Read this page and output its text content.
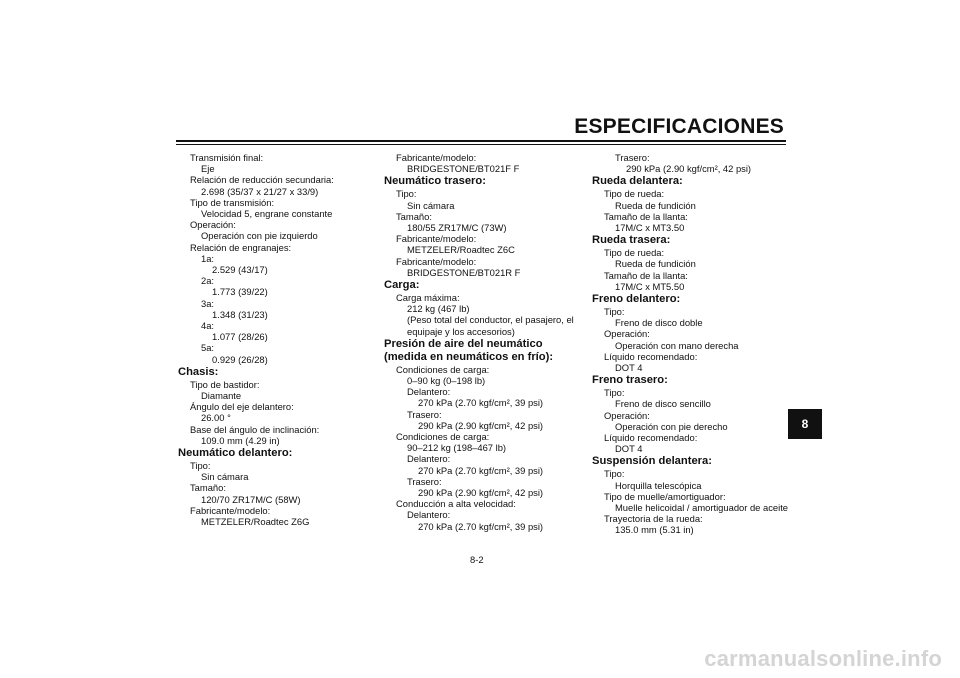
ESPECIFICACIONES
Transmisión final:
Eje
Relación de reducción secundaria:
2.698 (35/37 x 21/27 x 33/9)
Tipo de transmisión:
Velocidad 5, engrane constante
Operación:
Operación con pie izquierdo
Relación de engranajes:
1a:
2.529 (43/17)
2a:
1.773 (39/22)
3a:
1.348 (31/23)
4a:
1.077 (28/26)
5a:
0.929 (26/28)
Chasis:
Tipo de bastidor:
Diamante
Ángulo del eje delantero:
26.00 °
Base del ángulo de inclinación:
109.0 mm (4.29 in)
Neumático delantero:
Tipo:
Sin cámara
Tamaño:
120/70 ZR17M/C (58W)
Fabricante/modelo:
METZELER/Roadtec Z6G
Fabricante/modelo:
BRIDGESTONE/BT021F F
Neumático trasero:
Tipo:
Sin cámara
Tamaño:
180/55 ZR17M/C (73W)
Fabricante/modelo:
METZELER/Roadtec Z6C
Fabricante/modelo:
BRIDGESTONE/BT021R F
Carga:
Carga máxima:
212 kg (467 lb)
(Peso total del conductor, el pasajero, el equipaje y los accesorios)
Presión de aire del neumático (medida en neumáticos en frío):
Condiciones de carga:
0–90 kg (0–198 lb)
Delantero:
270 kPa (2.70 kgf/cm², 39 psi)
Trasero:
290 kPa (2.90 kgf/cm², 42 psi)
Condiciones de carga:
90–212 kg (198–467 lb)
Delantero:
270 kPa (2.70 kgf/cm², 39 psi)
Trasero:
290 kPa (2.90 kgf/cm², 42 psi)
Conducción a alta velocidad:
Delantero:
270 kPa (2.70 kgf/cm², 39 psi)
Trasero:
290 kPa (2.90 kgf/cm², 42 psi)
Rueda delantera:
Tipo de rueda:
Rueda de fundición
Tamaño de la llanta:
17M/C x MT3.50
Rueda trasera:
Tipo de rueda:
Rueda de fundición
Tamaño de la llanta:
17M/C x MT5.50
Freno delantero:
Tipo:
Freno de disco doble
Operación:
Operación con mano derecha
Líquido recomendado:
DOT 4
Freno trasero:
Tipo:
Freno de disco sencillo
Operación:
Operación con pie derecho
Líquido recomendado:
DOT 4
Suspensión delantera:
Tipo:
Horquilla telescópica
Tipo de muelle/amortiguador:
Muelle helicoidal / amortiguador de aceite
Trayectoria de la rueda:
135.0 mm (5.31 in)
8
8-2
carmanualsonline.info
